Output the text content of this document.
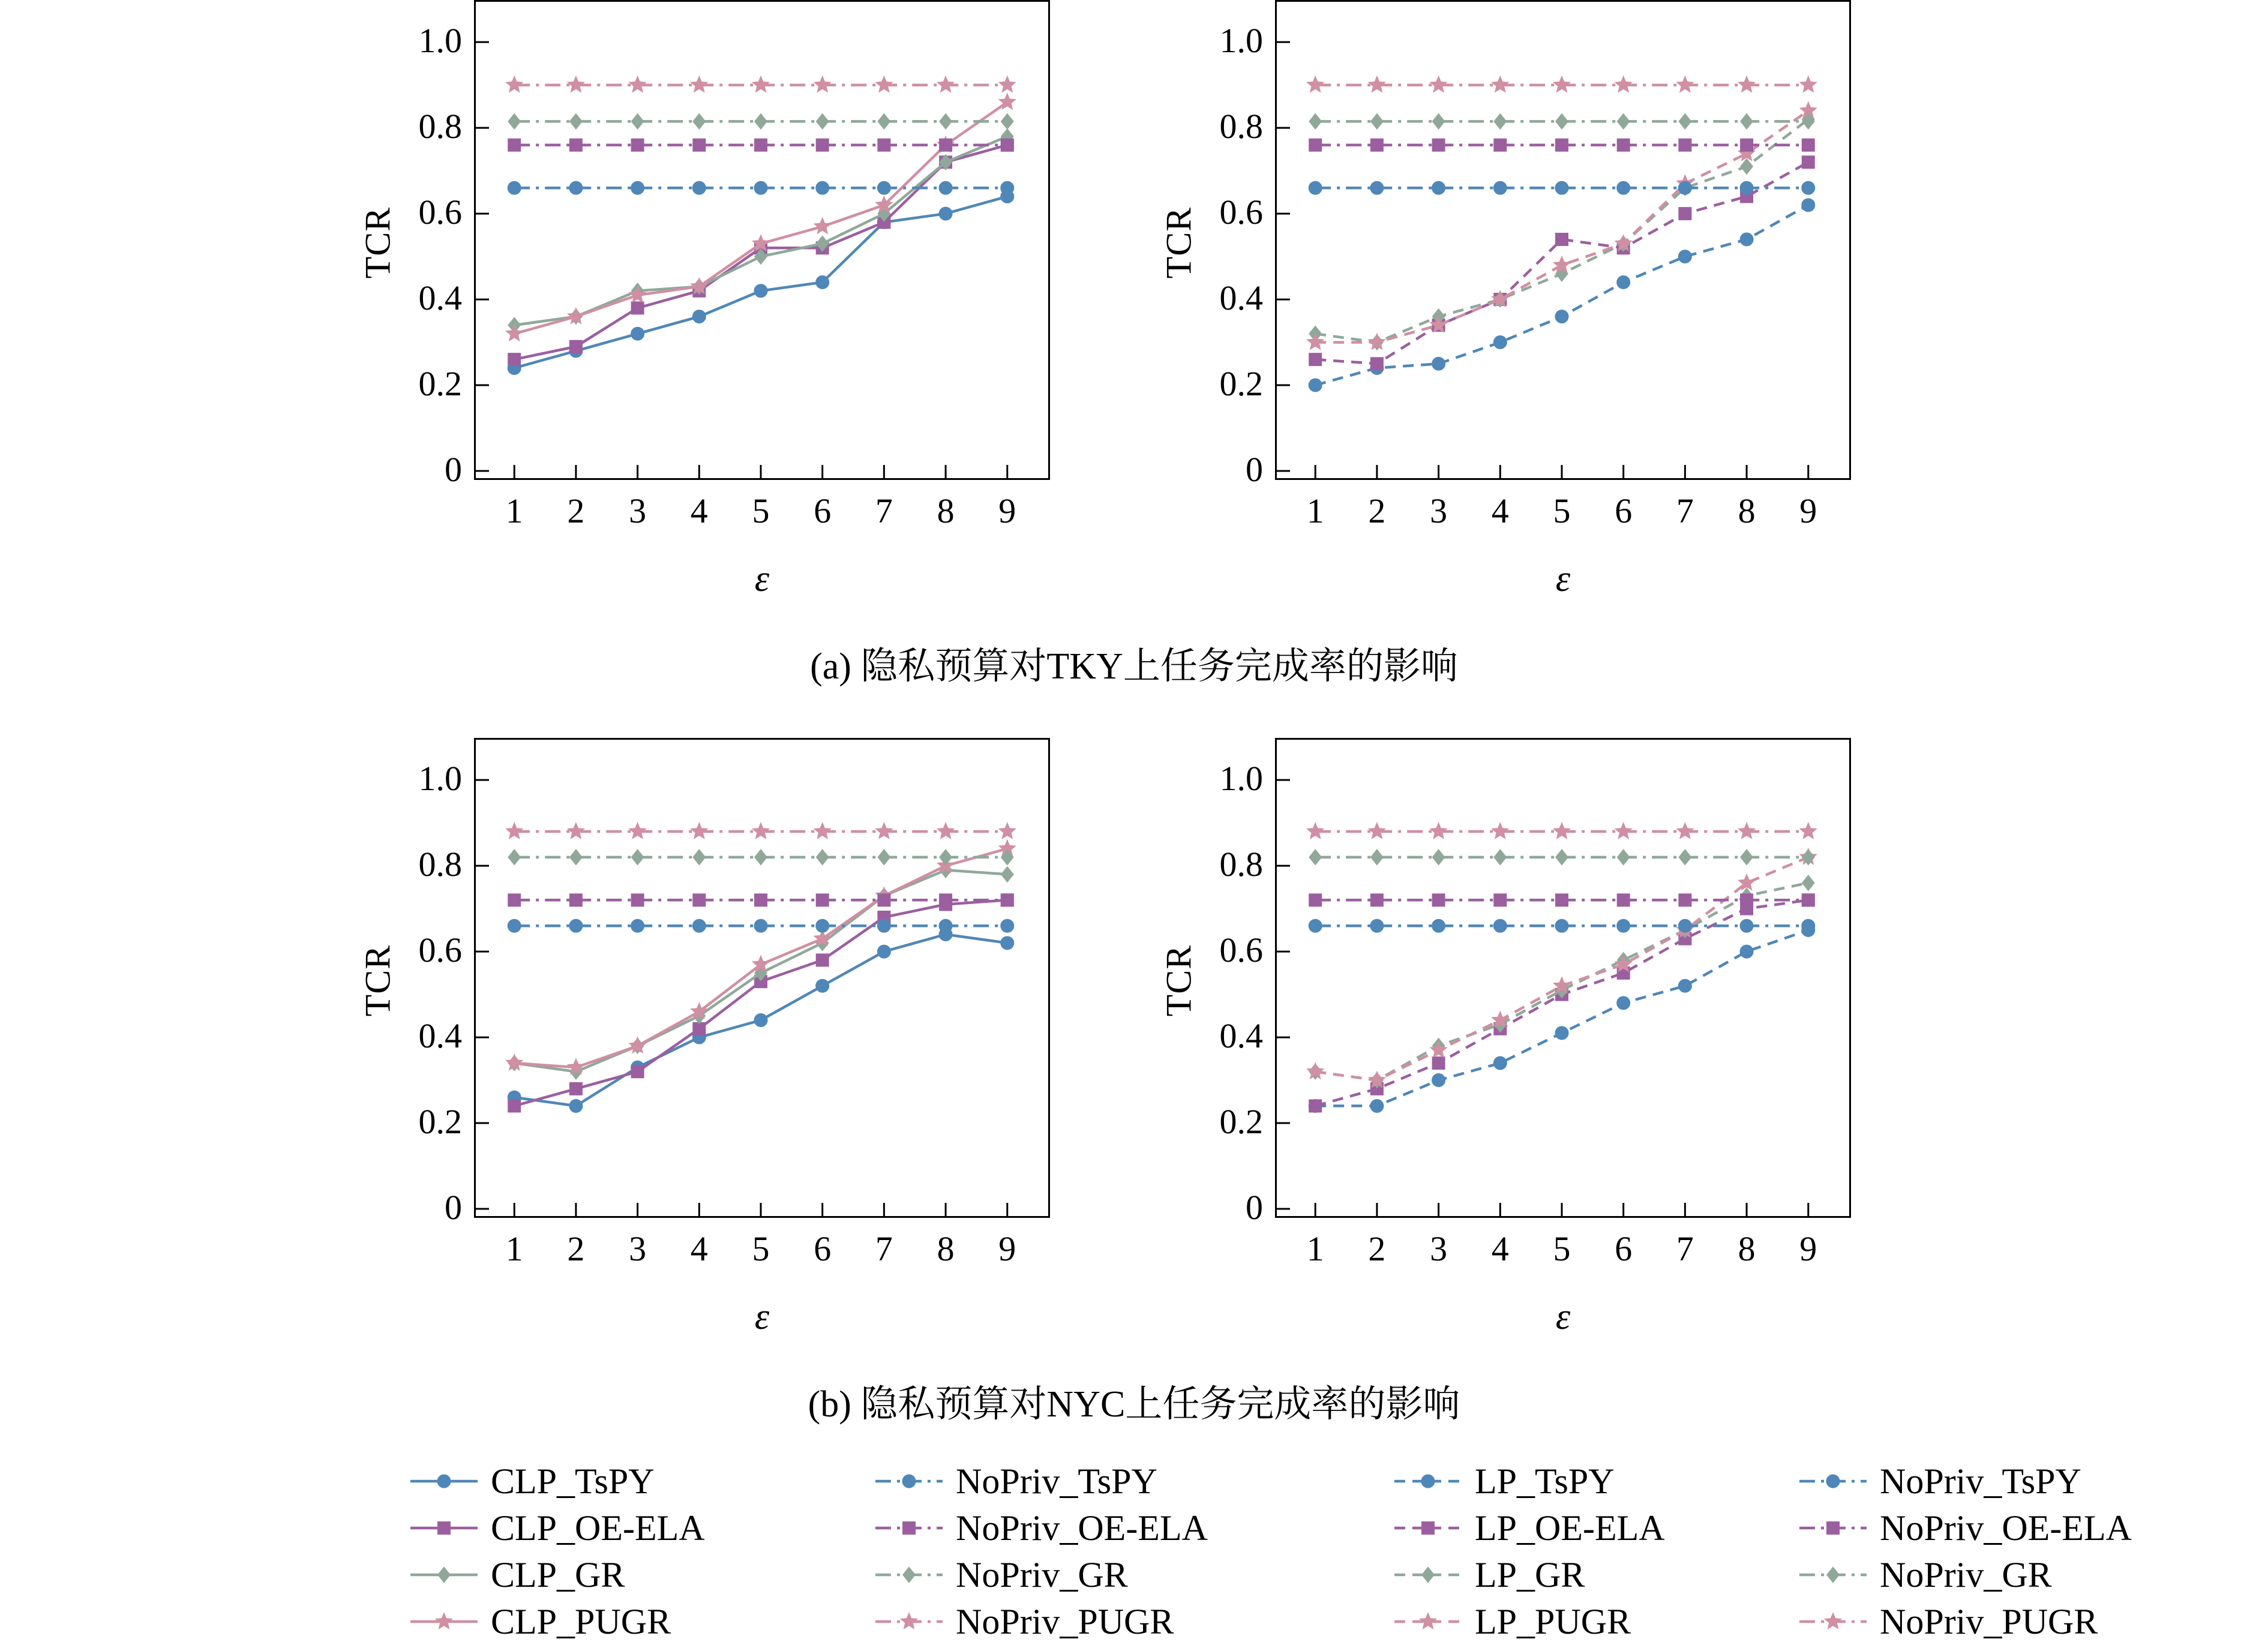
TCR
ε
0
0.2
0.4
0.6
0.8
1.0
1	2	3	4	5	6	7	8	9
TCR
ε
0
0.2
0.4
0.6
0.8
1.0
1	2	3	4	5	6	7	8	9
(a) 隐私预算对TKY上任务完成率的影响
TCR
ε
0
0.2
0.4
0.6
0.8
1.0
1	2	3	4	5	6	7	8	9
TCR
ε
0
0.2
0.4
0.6
0.8
1.0
1	2	3	4	5	6	7	8	9
(b) 隐私预算对NYC上任务完成率的影响
CLP_TsPY
CLP_OE-ELA
CLP_GR
CLP_PUGR
NoPriv_TsPY
NoPriv_OE-ELA
NoPriv_GR
NoPriv_PUGR
LP_TsPY
LP_OE-ELA
LP_GR
LP_PUGR
NoPriv_TsPY
NoPriv_OE-ELA
NoPriv_GR
NoPriv_PUGR
